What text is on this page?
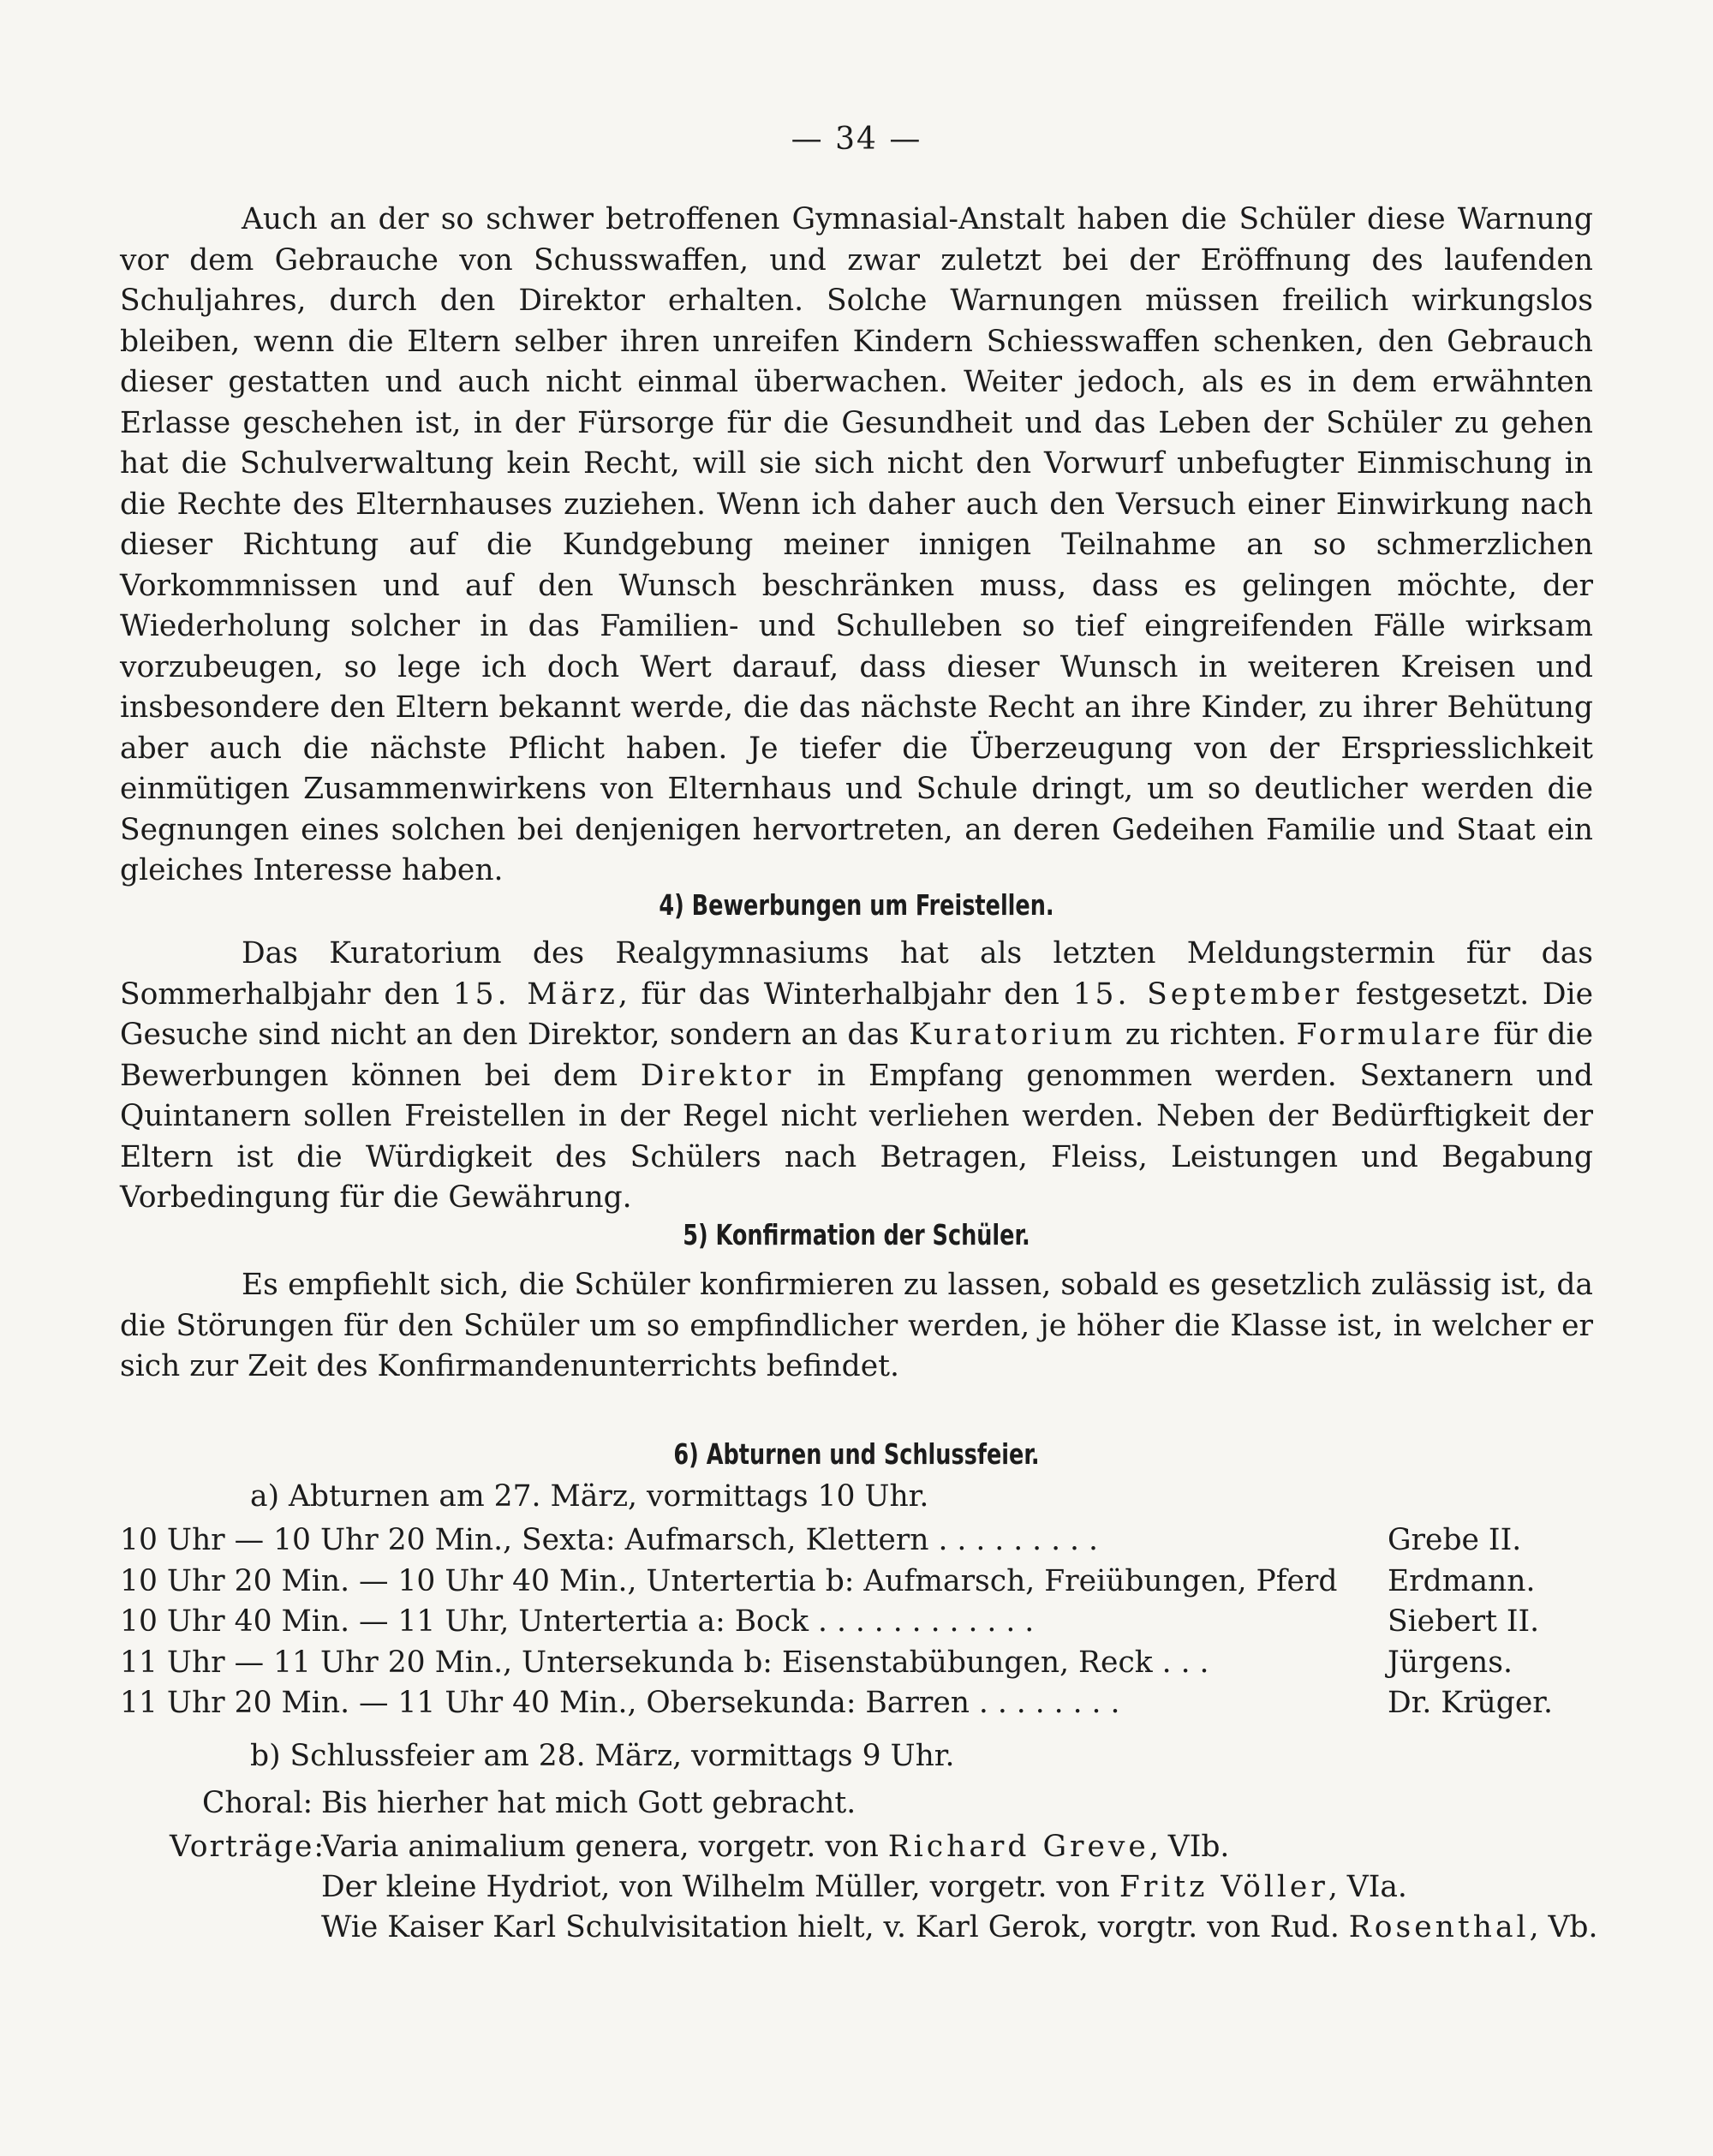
— 34 —

Auch an der so schwer betroffenen Gymnasial-Anstalt haben die Schüler diese Warnung vor dem Gebrauche von Schusswaffen, und zwar zuletzt bei der Eröffnung des laufenden Schuljahres, durch den Direktor erhalten. Solche Warnungen müssen freilich wirkungslos bleiben, wenn die Eltern selber ihren unreifen Kindern Schiesswaffen schenken, den Gebrauch dieser gestatten und auch nicht einmal überwachen. Weiter jedoch, als es in dem erwähnten Erlasse geschehen ist, in der Fürsorge für die Gesundheit und das Leben der Schüler zu gehen hat die Schulverwaltung kein Recht, will sie sich nicht den Vorwurf unbefugter Einmischung in die Rechte des Elternhauses zuziehen. Wenn ich daher auch den Versuch einer Einwirkung nach dieser Richtung auf die Kundgebung meiner innigen Teilnahme an so schmerzlichen Vorkommnissen und auf den Wunsch beschränken muss, dass es gelingen möchte, der Wiederholung solcher in das Familien- und Schulleben so tief eingreifenden Fälle wirksam vorzubeugen, so lege ich doch Wert darauf, dass dieser Wunsch in weiteren Kreisen und insbesondere den Eltern bekannt werde, die das nächste Recht an ihre Kinder, zu ihrer Behütung aber auch die nächste Pflicht haben. Je tiefer die Überzeugung von der Erspriesslichkeit einmütigen Zusammenwirkens von Elternhaus und Schule dringt, um so deutlicher werden die Segnungen eines solchen bei denjenigen hervortreten, an deren Gedeihen Familie und Staat ein gleiches Interesse haben.

4) Bewerbungen um Freistellen.

Das Kuratorium des Realgymnasiums hat als letzten Meldungstermin für das Sommerhalbjahr den 15. März, für das Winterhalbjahr den 15. September festgesetzt. Die Gesuche sind nicht an den Direktor, sondern an das Kuratorium zu richten. Formulare für die Bewerbungen können bei dem Direktor in Empfang genommen werden. Sextanern und Quintanern sollen Freistellen in der Regel nicht verliehen werden. Neben der Bedürftigkeit der Eltern ist die Würdigkeit des Schülers nach Betragen, Fleiss, Leistungen und Begabung Vorbedingung für die Gewährung.

5) Konfirmation der Schüler.

Es empfiehlt sich, die Schüler konfirmieren zu lassen, sobald es gesetzlich zulässig ist, da die Störungen für den Schüler um so empfindlicher werden, je höher die Klasse ist, in welcher er sich zur Zeit des Konfirmandenunterrichts befindet.

6) Abturnen und Schlussfeier.
a) Abturnen am 27. März, vormittags 10 Uhr.
10 Uhr — 10 Uhr 20 Min., Sexta: Aufmarsch, Klettern . . . . . . . . .	Grebe II.
10 Uhr 20 Min. — 10 Uhr 40 Min., Untertertia b: Aufmarsch, Freiübungen, Pferd Erdmann.
10 Uhr 40 Min. — 11 Uhr, Untertertia a: Bock . . . . . . . . . . . .	Siebert II.
11 Uhr — 11 Uhr 20 Min., Untersekunda b: Eisenstabübungen, Reck . . .	Jürgens.
11 Uhr 20 Min. — 11 Uhr 40 Min., Obersekunda: Barren . . . . . . . .	Dr. Krüger.
b) Schlussfeier am 28. März, vormittags 9 Uhr.
Choral: Bis hierher hat mich Gott gebracht.
Vorträge:
Varia animalium genera, vorgetr. von Richard Greve, VIb.
Der kleine Hydriot, von Wilhelm Müller, vorgetr. von Fritz Völler, VIa.
Wie Kaiser Karl Schulvisitation hielt, v. Karl Gerok, vorgtr. von Rud. Rosenthal, Vb.
